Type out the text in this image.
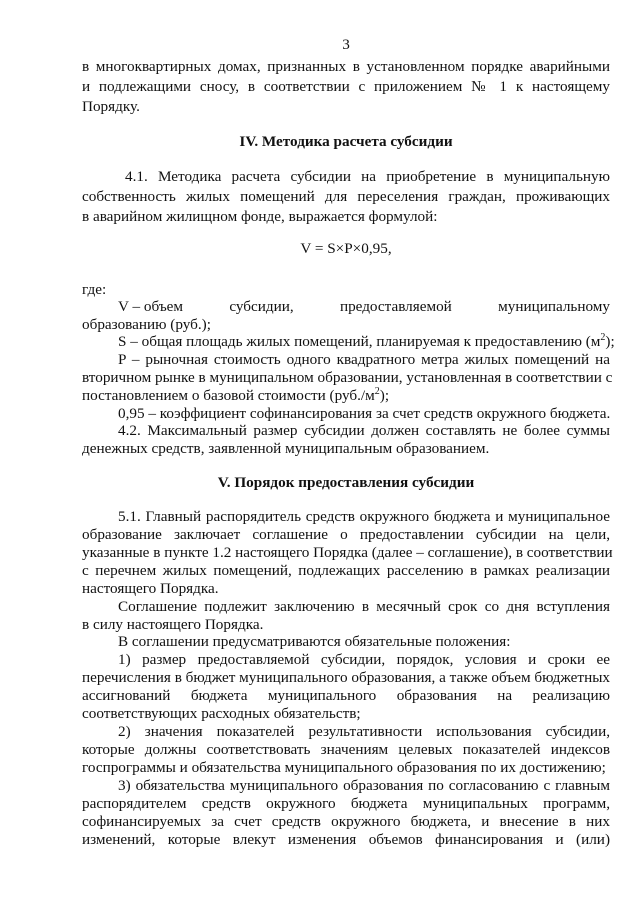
3
в многоквартирных домах, признанных в установленном порядке аварийными
и подлежащими сносу, в соответствии с приложением № 1 к настоящему
Порядку.
IV. Методика расчета субсидии
4.1. Методика расчета субсидии на приобретение в муниципальную
собственность жилых помещений для переселения граждан, проживающих
в аварийном жилищном фонде, выражается формулой:
V = S×P×0,95,
где:
V – объем	субсидии,	предоставляемой	муниципальному
образованию (руб.);
S – общая площадь жилых помещений, планируемая к предоставлению $(м^2)$;
P – рыночная стоимость одного квадратного метра жилых помещений на
вторичном рынке в муниципальном образовании, установленная в соответствии с
постановлением о базовой стоимости $(руб./м^2)$;
0,95 – коэффициент софинансирования за счет средств окружного бюджета.
4.2. Максимальный размер субсидии должен составлять не более суммы
денежных средств, заявленной муниципальным образованием.
V. Порядок предоставления субсидии
5.1. Главный распорядитель средств окружного бюджета и муниципальное
образование заключает соглашение о предоставлении субсидии на цели,
указанные в пункте 1.2 настоящего Порядка (далее – соглашение), в соответствии
с перечнем жилых помещений, подлежащих расселению в рамках реализации
настоящего Порядка.
Соглашение подлежит заключению в месячный срок со дня вступления
в силу настоящего Порядка.
В соглашении предусматриваются обязательные положения:
1) размер предоставляемой субсидии, порядок, условия и сроки ее
перечисления в бюджет муниципального образования, а также объем бюджетных
ассигнований бюджета муниципального образования на реализацию
соответствующих расходных обязательств;
2) значения показателей результативности использования субсидии,
которые должны соответствовать значениям целевых показателей индексов
госпрограммы и обязательства муниципального образования по их достижению;
3) обязательства муниципального образования по согласованию с главным
распорядителем средств окружного бюджета муниципальных программ,
софинансируемых за счет средств окружного бюджета, и внесение в них
изменений, которые влекут изменения объемов финансирования и (или)
